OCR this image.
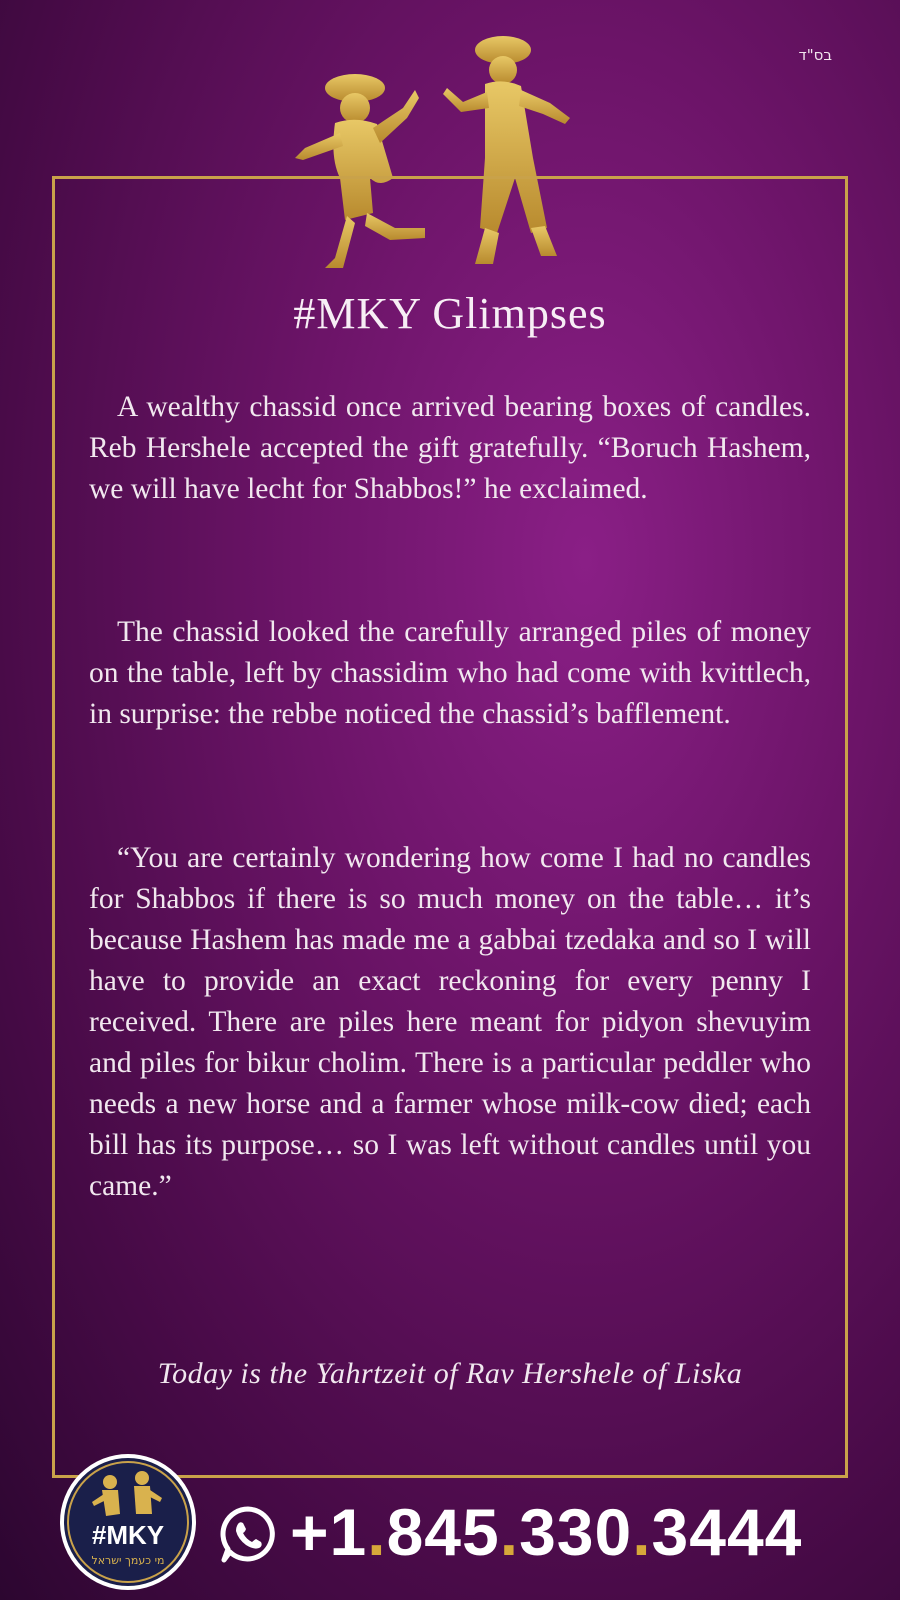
בס"ד
#MKY Glimpses

A wealthy chassid once arrived bearing boxes of candles. Reb Hershele accepted the gift gratefully. “Boruch Hashem, we will have lecht for Shabbos!” he exclaimed.

The chassid looked the carefully arranged piles of money on the table, left by chassidim who had come with kvittlech, in surprise: the rebbe noticed the chassid’s bafflement.

“You are certainly wondering how come I had no candles for Shabbos if there is so much money on the table… it’s because Hashem has made me a gabbai tzedaka and so I will have to provide an exact reckoning for every penny I received. There are piles here meant for pidyon shevuyim and piles for bikur cholim. There is a particular peddler who needs a new horse and a farmer whose milk-cow died; each bill has its purpose… so I was left without candles until you came.”

Today is the Yahrtzeit of Rav Hershele of Liska
#MKY
מי כעמך ישראל +1.845.330.3444
